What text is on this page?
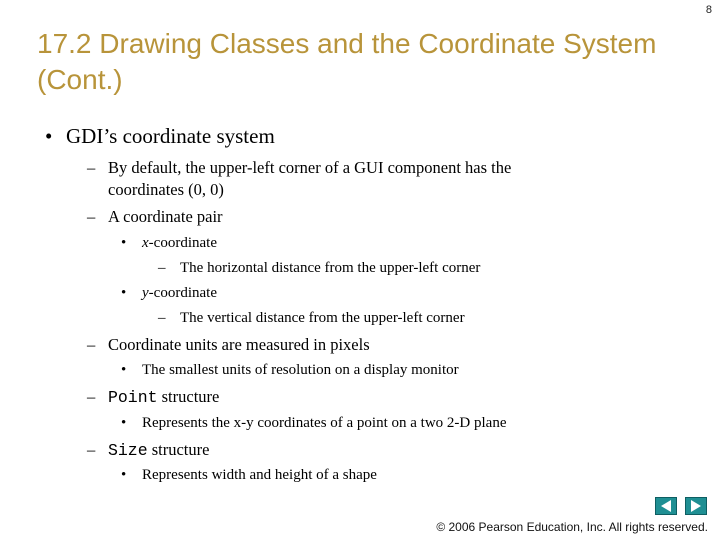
8
17.2 Drawing Classes and the Coordinate System (Cont.)
• GDI’s coordinate system
– By default, the upper-left corner of a GUI component has the
coordinates (0, 0)
– A coordinate pair
• x-coordinate
– The horizontal distance from the upper-left corner
• y-coordinate
– The vertical distance from the upper-left corner
– Coordinate units are measured in pixels
• The smallest units of resolution on a display monitor
– Point structure
• Represents the x-y coordinates of a point on a two 2-D plane
– Size structure
• Represents width and height of a shape
© 2006 Pearson Education, Inc. All rights reserved.
